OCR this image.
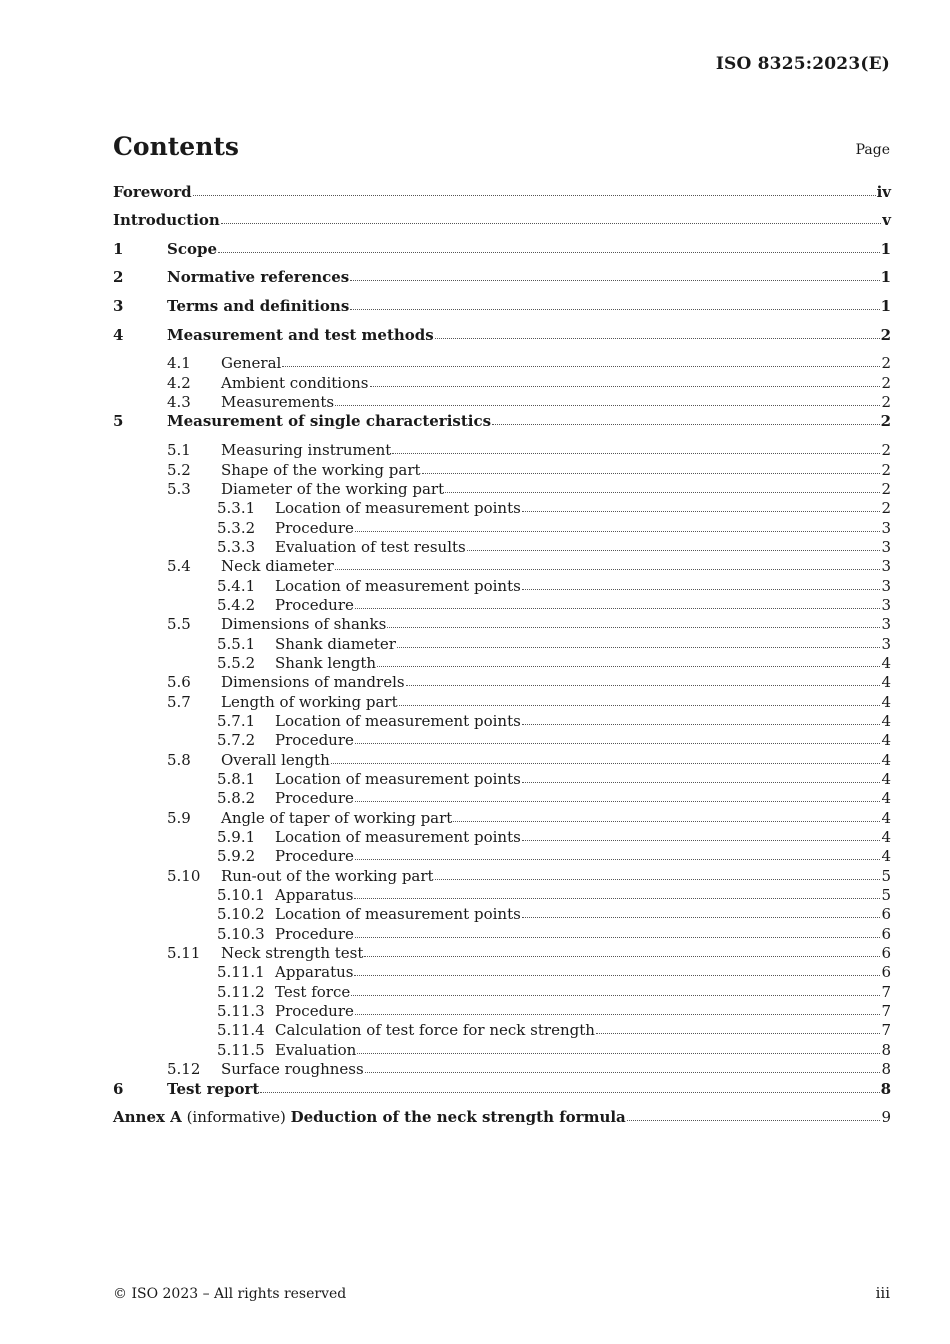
ISO 8325:2023(E)
Contents	Page
Foreword	iv
Introduction	v
1	Scope	1
2	Normative references	1
3	Terms and definitions	1
4	Measurement and test methods	2
4.1	General	2
4.2	Ambient conditions	2
4.3	Measurements	2
5	Measurement of single characteristics	2
5.1	Measuring instrument	2
5.2	Shape of the working part	2
5.3	Diameter of the working part	2
5.3.1	Location of measurement points	2
5.3.2	Procedure	3
5.3.3	Evaluation of test results	3
5.4	Neck diameter	3
5.4.1	Location of measurement points	3
5.4.2	Procedure	3
5.5	Dimensions of shanks	3
5.5.1	Shank diameter	3
5.5.2	Shank length	4
5.6	Dimensions of mandrels	4
5.7	Length of working part	4
5.7.1	Location of measurement points	4
5.7.2	Procedure	4
5.8	Overall length	4
5.8.1	Location of measurement points	4
5.8.2	Procedure	4
5.9	Angle of taper of working part	4
5.9.1	Location of measurement points	4
5.9.2	Procedure	4
5.10	Run-out of the working part	5
5.10.1 Apparatus	5
5.10.2 Location of measurement points	6
5.10.3 Procedure	6
5.11	Neck strength test	6
5.11.1 Apparatus	6
5.11.2 Test force	7
5.11.3 Procedure	7
5.11.4 Calculation of test force for neck strength	7
5.11.5 Evaluation	8
5.12	Surface roughness	8
6	Test report	8
Annex A (informative) Deduction of the neck strength formula	9
© ISO 2023 – All rights reserved	iii
